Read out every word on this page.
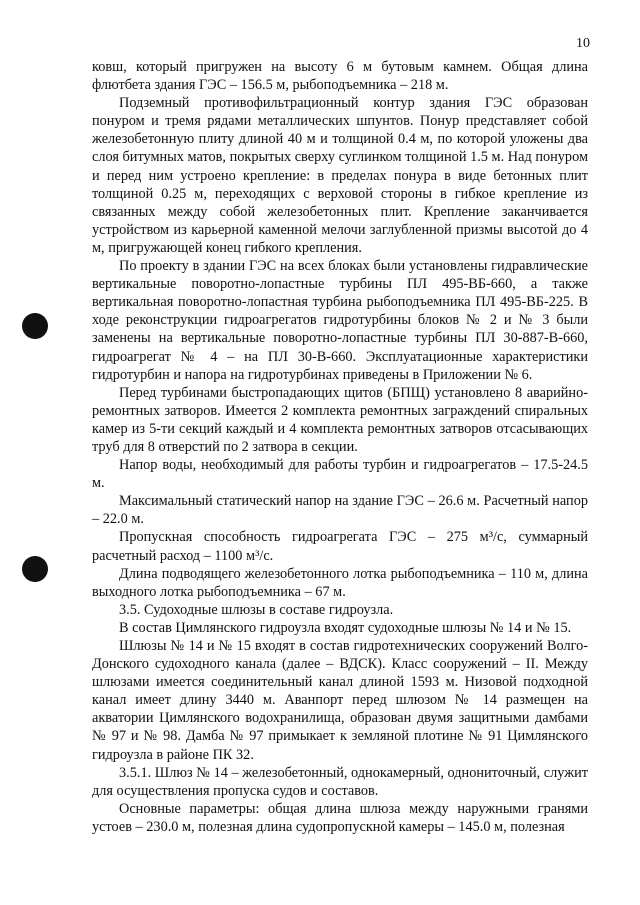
10

ковш, который пригружен на высоту 6 м бутовым камнем. Общая длина флютбета здания ГЭС – 156.5 м, рыбоподъемника – 218 м.

Подземный противофильтрационный контур здания ГЭС образован понуром и тремя рядами металлических шпунтов. Понур представляет собой железобетонную плиту длиной 40 м и толщиной 0.4 м, по которой уложены два слоя битумных матов, покрытых сверху суглинком толщиной 1.5 м. Над понуром и перед ним устроено крепление: в пределах понура в виде бетонных плит толщиной 0.25 м, переходящих с верховой стороны в гибкое крепление из связанных между собой железобетонных плит. Крепление заканчивается устройством из карьерной каменной мелочи заглубленной призмы высотой до 4 м, пригружающей конец гибкого крепления.

По проекту в здании ГЭС на всех блоках были установлены гидравлические вертикальные поворотно-лопастные турбины ПЛ 495-ВБ-660, а также вертикальная поворотно-лопастная турбина рыбоподъемника ПЛ 495-ВБ-225. В ходе реконструкции гидроагрегатов гидротурбины блоков № 2 и № 3 были заменены на вертикальные поворотно-лопастные турбины ПЛ 30-887-В-660, гидроагрегат № 4 – на ПЛ 30-В-660. Эксплуатационные характеристики гидротурбин и напора на гидротурбинах приведены в Приложении № 6.

Перед турбинами быстропадающих щитов (БПЩ) установлено 8 аварийно-ремонтных затворов. Имеется 2 комплекта ремонтных заграждений спиральных камер из 5-ти секций каждый и 4 комплекта ремонтных затворов отсасывающих труб для 8 отверстий по 2 затвора в секции.

Напор воды, необходимый для работы турбин и гидроагрегатов – 17.5-24.5 м.

Максимальный статический напор на здание ГЭС – 26.6 м. Расчетный напор – 22.0 м.

Пропускная способность гидроагрегата ГЭС – 275 м³/с, суммарный расчетный расход – 1100 м³/с.

Длина подводящего железобетонного лотка рыбоподъемника – 110 м, длина выходного лотка рыбоподъемника – 67 м.

3.5. Судоходные шлюзы в составе гидроузла.

В состав Цимлянского гидроузла входят судоходные шлюзы № 14 и № 15.

Шлюзы № 14 и № 15 входят в состав гидротехнических сооружений Волго-Донского судоходного канала (далее – ВДСК). Класс сооружений – II. Между шлюзами имеется соединительный канал длиной 1593 м. Низовой подходной канал имеет длину 3440 м. Аванпорт перед шлюзом № 14 размещен на акватории Цимлянского водохранилища, образован двумя защитными дамбами № 97 и № 98. Дамба № 97 примыкает к земляной плотине № 91 Цимлянского гидроузла в районе ПК 32.

3.5.1. Шлюз № 14 – железобетонный, однокамерный, однониточный, служит для осуществления пропуска судов и составов.

Основные параметры: общая длина шлюза между наружными гранями устоев – 230.0 м, полезная длина судопропускной камеры – 145.0 м, полезная
